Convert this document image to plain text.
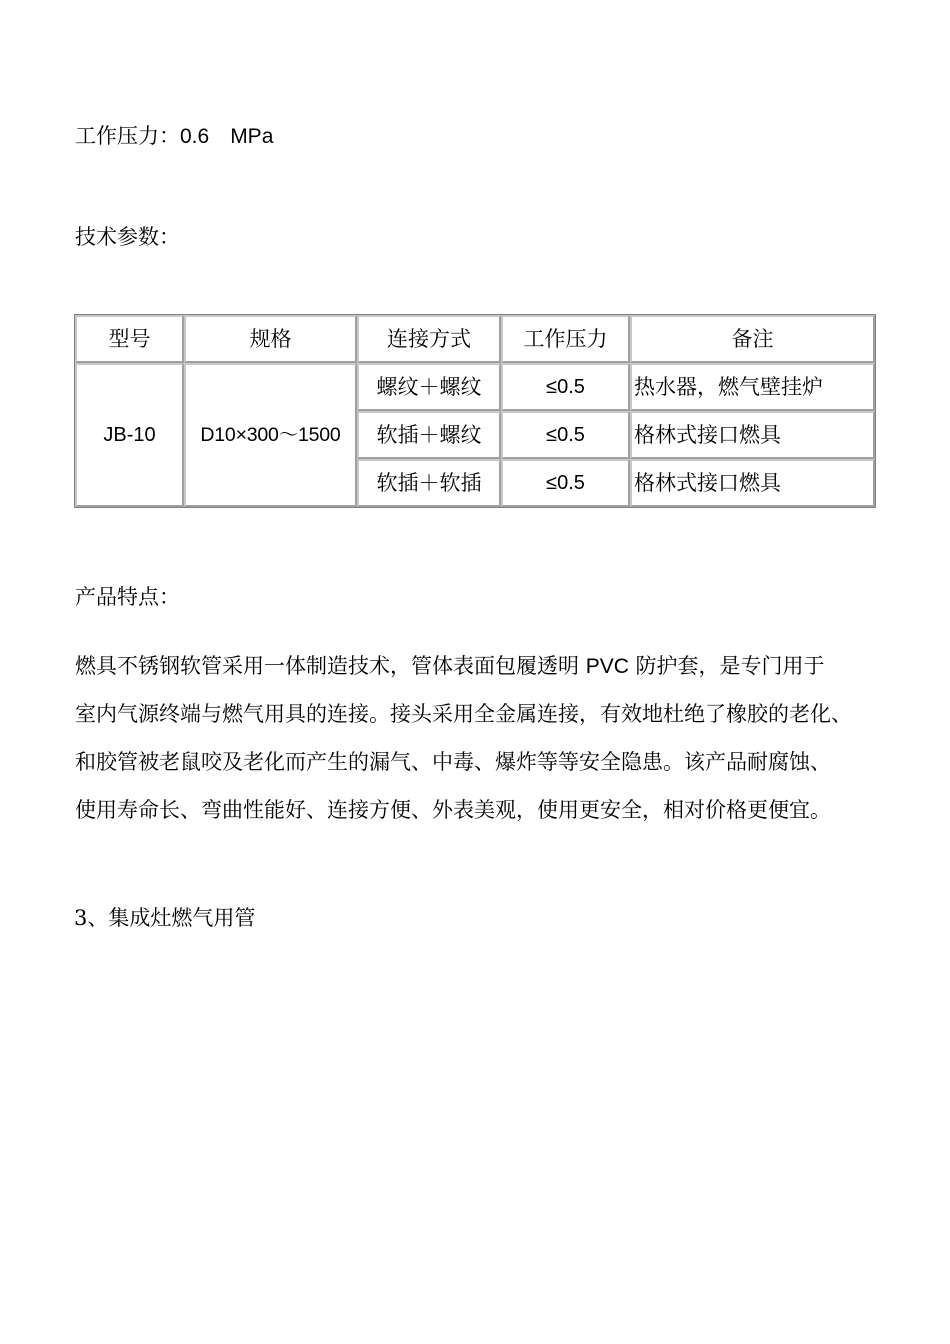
工作压力：0.6　MPa
技术参数：
型号	规格	连接方式	工作压力	备注
JB-10	D10×300～1500	螺纹＋螺纹	≤0.5	热水器，燃气壁挂炉
		软插＋螺纹	≤0.5	格林式接口燃具
		软插＋软插	≤0.5	格林式接口燃具
产品特点：
燃具不锈钢软管采用一体制造技术，管体表面包履透明 PVC 防护套，是专门用于
室内气源终端与燃气用具的连接。接头采用全金属连接，有效地杜绝了橡胶的老化、
和胶管被老鼠咬及老化而产生的漏气、中毒、爆炸等等安全隐患。该产品耐腐蚀、
使用寿命长、弯曲性能好、连接方便、外表美观，使用更安全，相对价格更便宜。
3、集成灶燃气用管
